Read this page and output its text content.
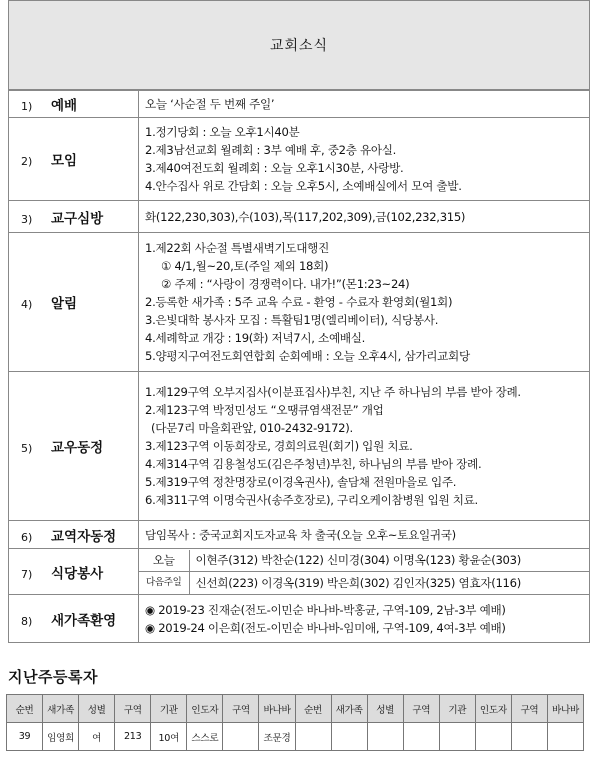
교회소식
1) 예배	오늘 ‘사순절 두 번째 주일’
2) 모임	
1.정기당회 : 오늘 오후1시40분
2.제3남선교회 월례회 : 3부 예배 후, 중2층 유아실.
3.제40여전도회 월례회 : 오늘 오후1시30분, 사랑방.
4.안수집사 위로 간담회 : 오늘 오후5시, 소예배실에서 모여 출발.

3) 교구심방	화(122,230,303),수(103),목(117,202,309),금(102,232,315)
4) 알림	
1.제22회 사순절 특별새벽기도대행진
① 4/1,월~20,토(주일 제외 18회)
② 주제 : “사랑이 경쟁력이다. 내가!”(몬1:23~24)
2.등록한 새가족 : 5주 교육 수료 - 환영 - 수료자 환영회(월1회)
3.은빛대학 봉사자 모집 : 특활팀1명(엘리베이터), 식당봉사.
4.세례학교 개강 : 19(화) 저녁7시, 소예배실.
5.양평지구여전도회연합회 순회예배 : 오늘 오후4시, 삼가리교회당

5) 교우동정	
1.제129구역 오부지집사(이분표집사)부친, 지난 주 하나님의 부름 받아 장례.
2.제123구역 박정민성도 “오땡큐염색전문” 개업
(다문7리 마을회관앞, 010-2432-9172).
3.제123구역 이동희장로, 경희의료원(회기) 입원 치료.
4.제314구역 김용철성도(김은주청년)부친, 하나님의 부름 받아 장례.
5.제319구역 정찬명장로(이경옥권사), 솔담채 전원마을로 입주.
6.제311구역 이명숙권사(송주호장로), 구리오케이참병원 입원 치료.

6) 교역자동정	담임목사 : 중국교회지도자교육 차 출국(오늘 오후~토요일귀국)
7) 식당봉사	
오늘	이현주(312) 박찬순(122) 신미경(304) 이명옥(123) 황윤순(303)
다음주일	신선희(223) 이경옥(319) 박은희(302) 김인자(325) 염효자(116)

8) 새가족환영	
◉ 2019-23 진재순(전도-이민순 바나바-박홍균, 구역-109, 2남-3부 예배)
◉ 2019-24 이은희(전도-이민순 바나바-임미애, 구역-109, 4여-3부 예배)
지난주등록자
순번	새가족	성별	구역	기관	인도자	구역	바나바	순번	새가족	성별	구역	기관	인도자	구역	바나바
39	임영희	여	213	10여	스스로		조문경								
